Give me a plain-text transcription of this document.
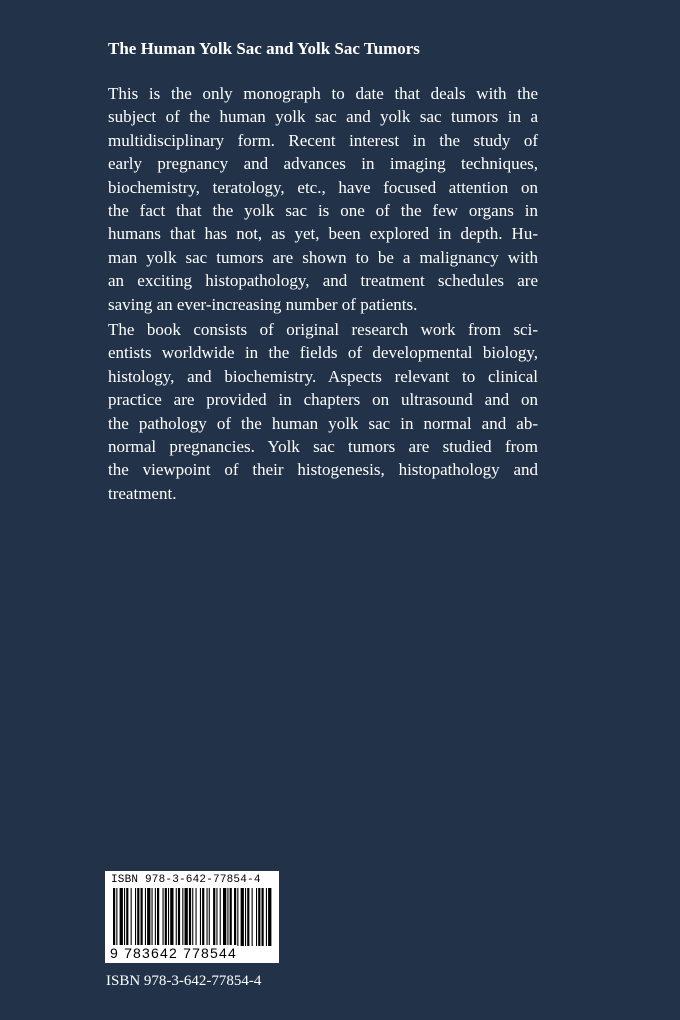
The Human Yolk Sac and Yolk Sac Tumors
This is the only monograph to date that deals with the
subject of the human yolk sac and yolk sac tumors in a
multidisciplinary form. Recent interest in the study of
early pregnancy and advances in imaging techniques,
biochemistry, teratology, etc., have focused attention on
the fact that the yolk sac is one of the few organs in
humans that has not, as yet, been explored in depth. Hu-
man yolk sac tumors are shown to be a malignancy with
an exciting histopathology, and treatment schedules are
saving an ever-increasing number of patients.
The book consists of original research work from sci-
entists worldwide in the fields of developmental biology,
histology, and biochemistry. Aspects relevant to clinical
practice are provided in chapters on ultrasound and on
the pathology of the human yolk sac in normal and ab-
normal pregnancies. Yolk sac tumors are studied from
the viewpoint of their histogenesis, histopathology and
treatment.
ISBN 978-3-642-77854-4
9 783642 778544
ISBN 978-3-642-77854-4
